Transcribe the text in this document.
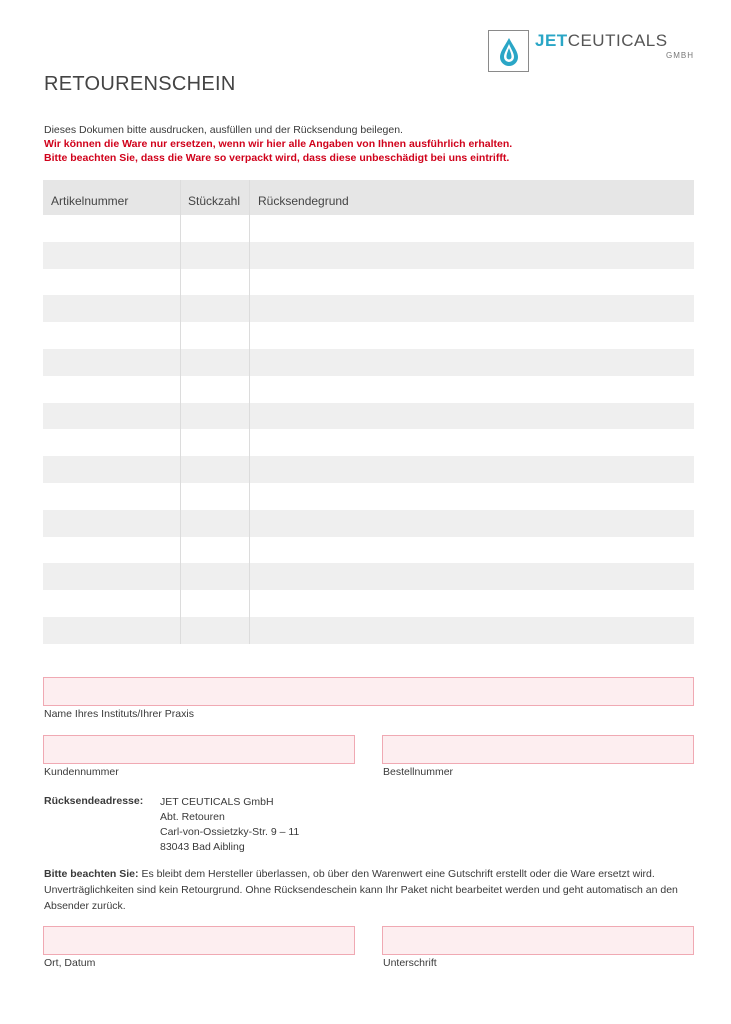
JETCEUTICALS
GMBH
RETOURENSCHEIN
Dieses Dokumen bitte ausdrucken, ausfüllen und der Rücksendung beilegen.
Wir können die Ware nur ersetzen, wenn wir hier alle Angaben von Ihnen ausführlich erhalten.
Bitte beachten Sie, dass die Ware so verpackt wird, dass diese unbeschädigt bei uns eintrifft.
Artikelnummer	Stückzahl	Rücksendegrund
Name Ihres Instituts/Ihrer Praxis
Kundennummer	Bestellnummer
Rücksendeadresse: JET CEUTICALS GmbH
Abt. Retouren
Carl-von-Ossietzky-Str. 9 – 11
83043 Bad Aibling
Bitte beachten Sie: Es bleibt dem Hersteller überlassen, ob über den Warenwert eine Gutschrift erstellt oder die Ware ersetzt wird. Unverträglichkeiten sind kein Retourgrund. Ohne Rücksendeschein kann Ihr Paket nicht bearbeitet werden und geht automatisch an den Absender zurück.
Ort, Datum	Unterschrift
